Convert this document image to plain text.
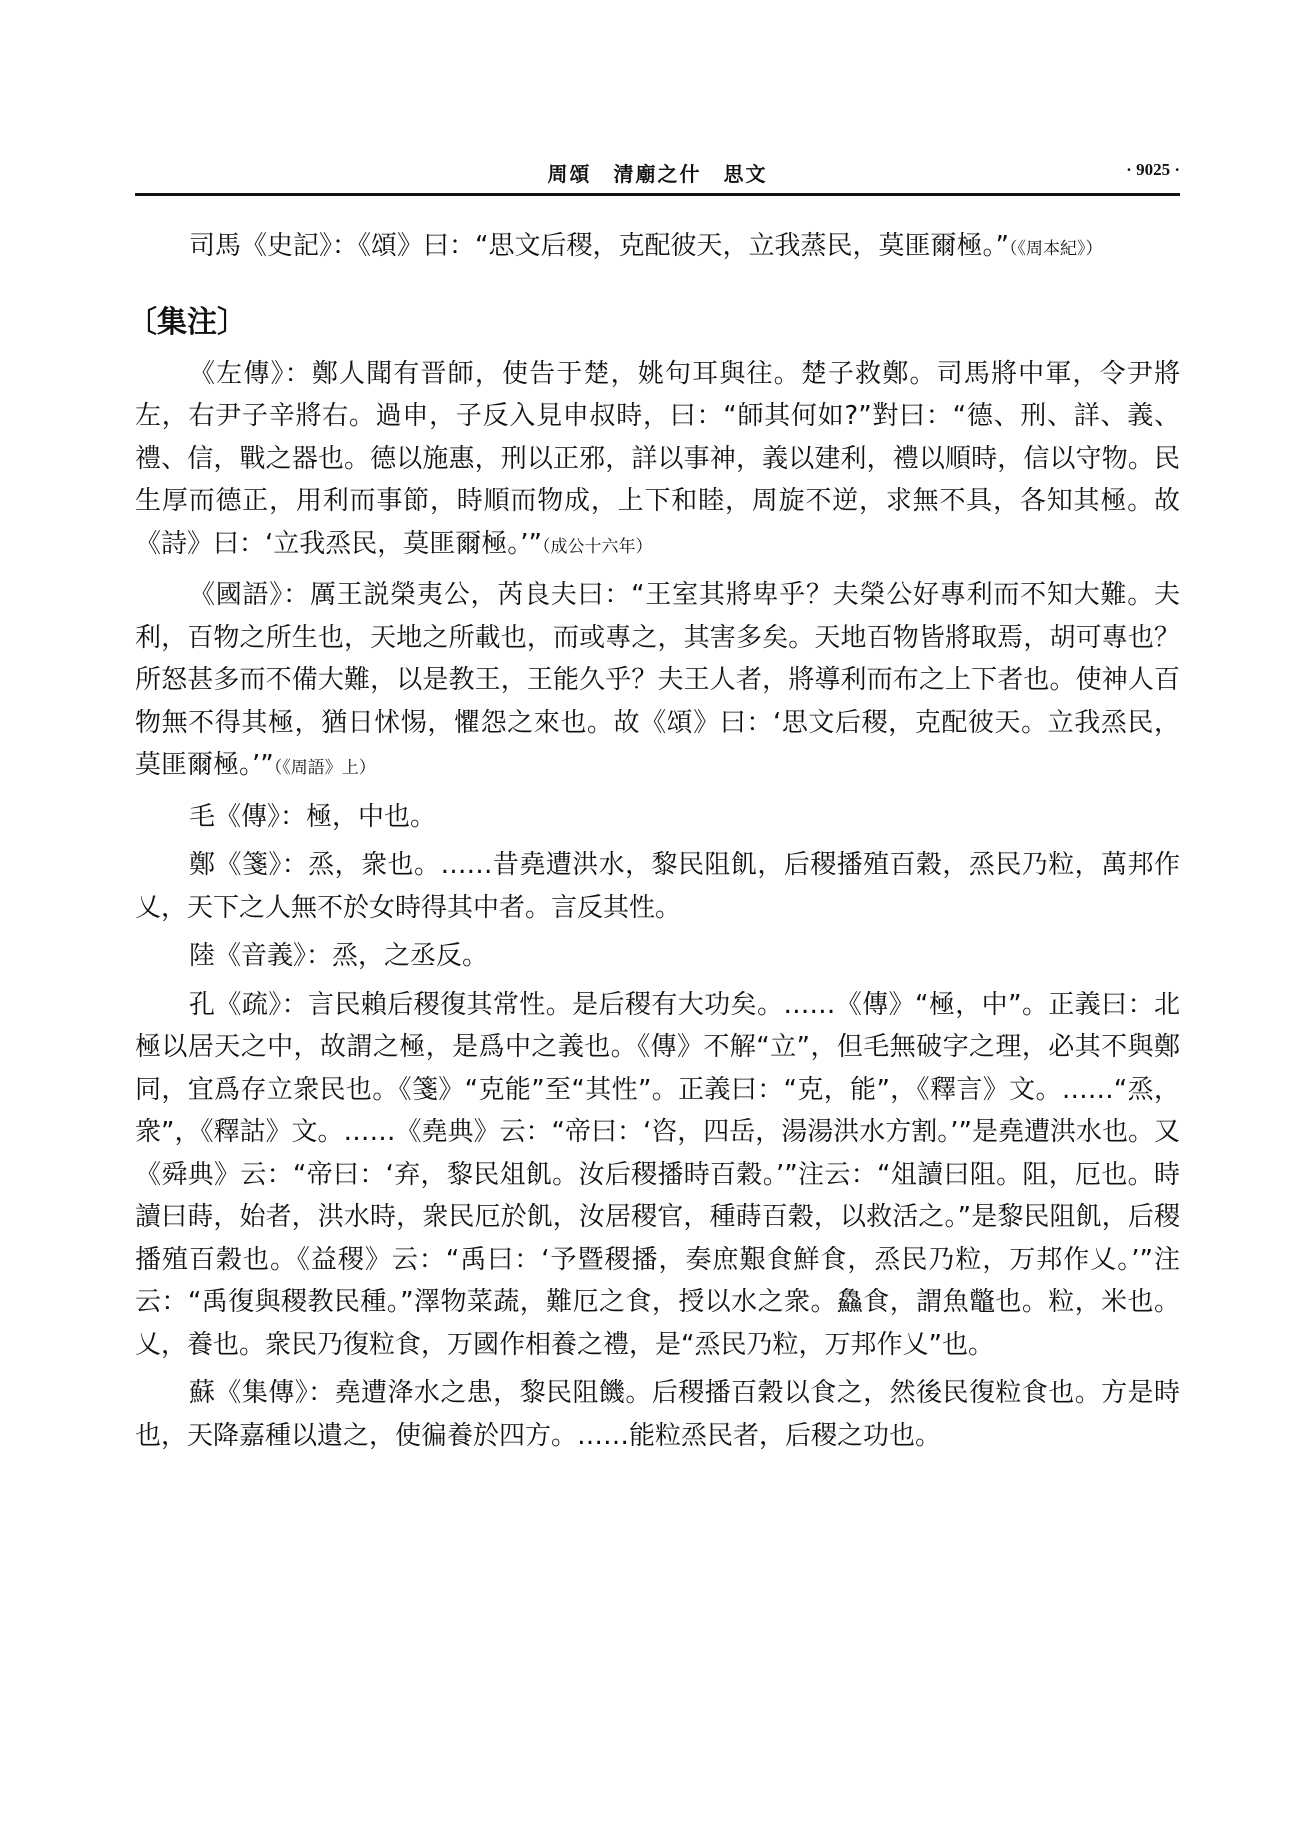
周頌　清廟之什　思文	· 9025 ·

司馬《史記》：《頌》曰：“思文后稷，克配彼天，立我蒸民，莫匪爾極。”（《周本紀》）

〔集注〕

《左傳》：鄭人聞有晋師，使告于楚，姚句耳與往。楚子救鄭。司馬將中軍，令尹將左，右尹子辛將右。過申，子反入見申叔時，曰：“師其何如?”對曰：“德、刑、詳、義、禮、信，戰之器也。德以施惠，刑以正邪，詳以事神，義以建利，禮以順時，信以守物。民生厚而德正，用利而事節，時順而物成，上下和睦，周旋不逆，求無不具，各知其極。故《詩》曰：‘立我烝民，莫匪爾極。’”（成公十六年）

《國語》：厲王説榮夷公，芮良夫曰：“王室其將卑乎？夫榮公好專利而不知大難。夫利，百物之所生也，天地之所載也，而或專之，其害多矣。天地百物皆將取焉，胡可專也？所怒甚多而不備大難，以是教王，王能久乎？夫王人者，將導利而布之上下者也。使神人百物無不得其極，猶日怵惕，懼怨之來也。故《頌》曰：‘思文后稷，克配彼天。立我烝民，莫匪爾極。’”（《周語》上）

毛《傳》：極，中也。

鄭《箋》：烝，衆也。……昔堯遭洪水，黎民阻飢，后稷播殖百穀，烝民乃粒，萬邦作乂，天下之人無不於女時得其中者。言反其性。

陸《音義》：烝，之丞反。

孔《疏》：言民賴后稷復其常性。是后稷有大功矣。……《傳》“極，中”。正義曰：北極以居天之中，故謂之極，是爲中之義也。《傳》不解“立”，但毛無破字之理，必其不與鄭同，宜爲存立衆民也。《箋》“克能”至“其性”。正義曰：“克，能”，《釋言》文。……“烝，衆”，《釋詁》文。……《堯典》云：“帝曰：‘咨，四岳，湯湯洪水方割。’”是堯遭洪水也。又《舜典》云：“帝曰：‘弃，黎民俎飢。汝后稷播時百穀。’”注云：“俎讀曰阻。阻，厄也。時讀曰蒔，始者，洪水時，衆民厄於飢，汝居稷官，種蒔百穀，以救活之。”是黎民阻飢，后稷播殖百穀也。《益稷》云：“禹曰：‘予暨稷播，奏庶艱食鮮食，烝民乃粒，万邦作乂。’”注云：“禹復與稷教民種。”澤物菜蔬，難厄之食，授以水之衆。鱻食，謂魚鼈也。粒，米也。乂，養也。衆民乃復粒食，万國作相養之禮，是“烝民乃粒，万邦作乂”也。

蘇《集傳》：堯遭洚水之患，黎民阻饑。后稷播百穀以食之，然後民復粒食也。方是時也，天降嘉種以遺之，使徧養於四方。……能粒烝民者，后稷之功也。
